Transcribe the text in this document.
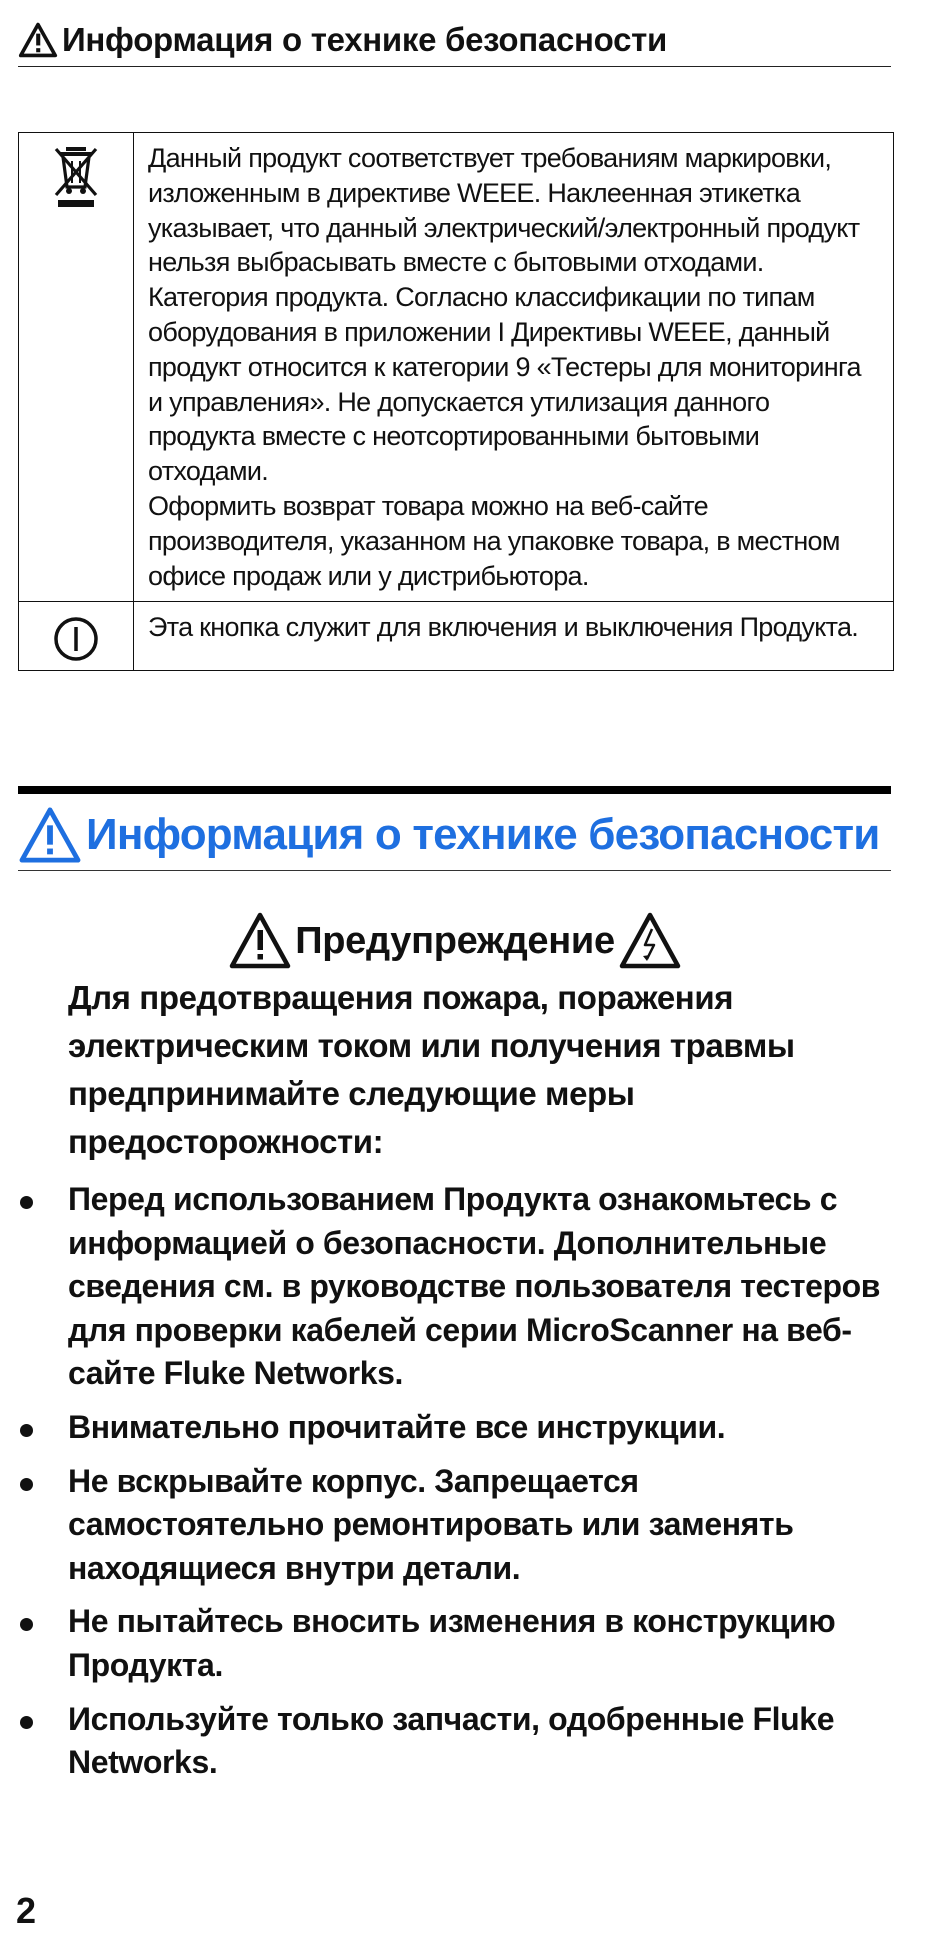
Информация о технике безопасности

Данный продукт соответствует требованиям маркировки, изложенным в директиве WEEE. Наклеенная этикетка указывает, что данный электрический/электронный продукт нельзя выбрасывать вместе с бытовыми отходами. Категория продукта. Согласно классификации по типам оборудования в приложении I Директивы WEEE, данный продукт относится к категории 9 «Тестеры для мониторинга и управления». Не допускается утилизация данного продукта вместе с неотсортированными бытовыми отходами.

Оформить возврат товара можно на веб-сайте производителя, указанном на упаковке товара, в местном офисе продаж или у дистрибьютора.

Эта кнопка служит для включения и выключения Продукта.

Информация о технике безопасности
Предупреждение

Для предотвращения пожара, поражения электрическим током или получения травмы предпринимайте следующие меры предосторожности:

Перед использованием Продукта ознакомьтесь с информацией о безопасности. Дополнительные сведения см. в руководстве пользователя тестеров для проверки кабелей серии MicroScanner на веб-сайте Fluke Networks.
Внимательно прочитайте все инструкции.
Не вскрывайте корпус. Запрещается самостоятельно ремонтировать или заменять находящиеся внутри детали.
Не пытайтесь вносить изменения в конструкцию Продукта.
Используйте только запчасти, одобренные Fluke Networks.
2
